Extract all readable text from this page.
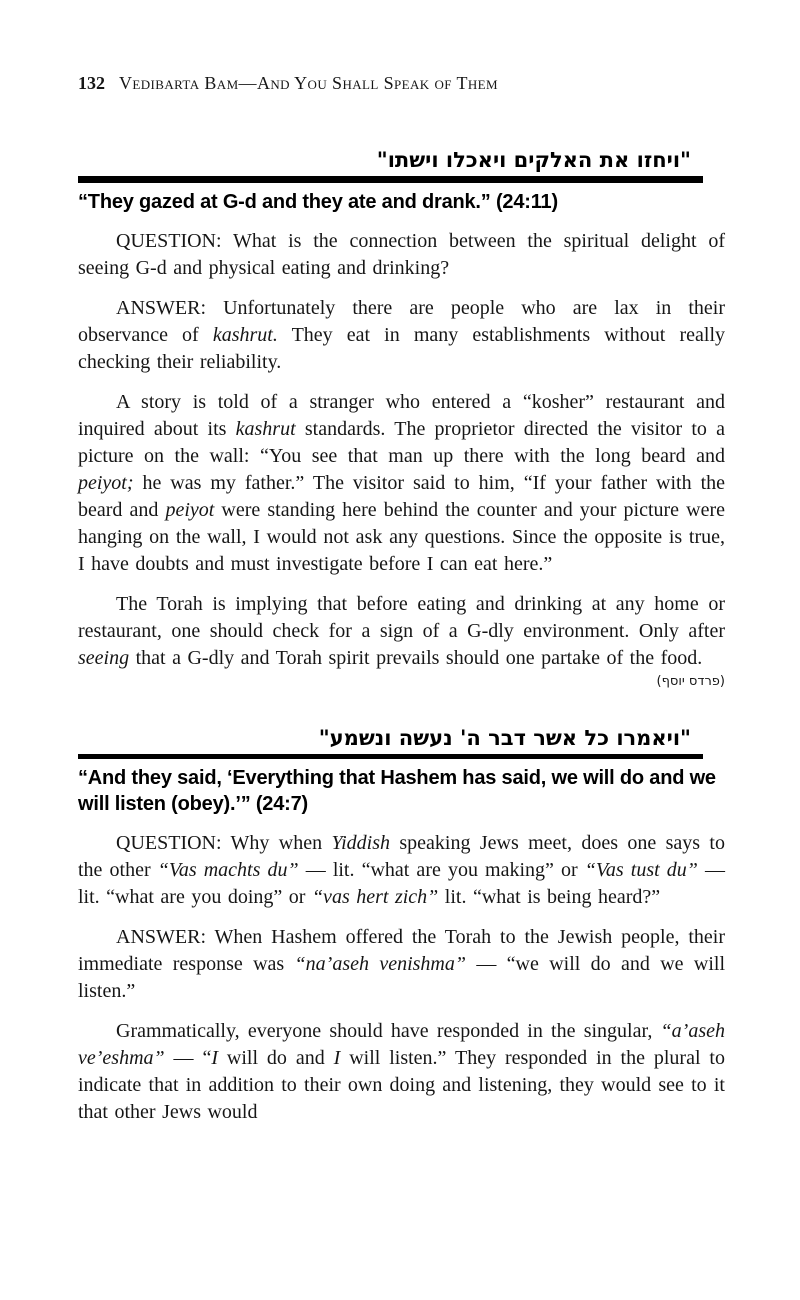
132 Vedibarta Bam—And You Shall Speak of Them
"ויחזו את האלקים ויאכלו וישתו"
“They gazed at G-d and they ate and drank.” (24:11)

QUESTION: What is the connection between the spiritual delight of seeing G-d and physical eating and drinking?

ANSWER: Unfortunately there are people who are lax in their observance of kashrut. They eat in many establishments without really checking their reliability.

A story is told of a stranger who entered a “kosher” restaurant and inquired about its kashrut standards. The proprietor directed the visitor to a picture on the wall: “You see that man up there with the long beard and peiyot; he was my father.” The visitor said to him, “If your father with the beard and peiyot were standing here behind the counter and your picture were hanging on the wall, I would not ask any questions. Since the opposite is true, I have doubts and must investigate before I can eat here.”

The Torah is implying that before eating and drinking at any home or restaurant, one should check for a sign of a G-dly environment. Only after seeing that a G-dly and Torah spirit prevails should one partake of the food.

(פרדס יוסף)
"ויאמרו כל אשר דבר ה' נעשה ונשמע"
“And they said, ‘Everything that Hashem has said, we will do and we will listen (obey).’” (24:7)

QUESTION: Why when Yiddish speaking Jews meet, does one says to the other “Vas machts du” — lit. “what are you making” or “Vas tust du” — lit. “what are you doing” or “vas hert zich” lit. “what is being heard?”

ANSWER: When Hashem offered the Torah to the Jewish people, their immediate response was “na’aseh venishma” — “we will do and we will listen.”

Grammatically, everyone should have responded in the singular, “a’aseh ve’eshma” — “I will do and I will listen.” They responded in the plural to indicate that in addition to their own doing and listening, they would see to it that other Jews would
